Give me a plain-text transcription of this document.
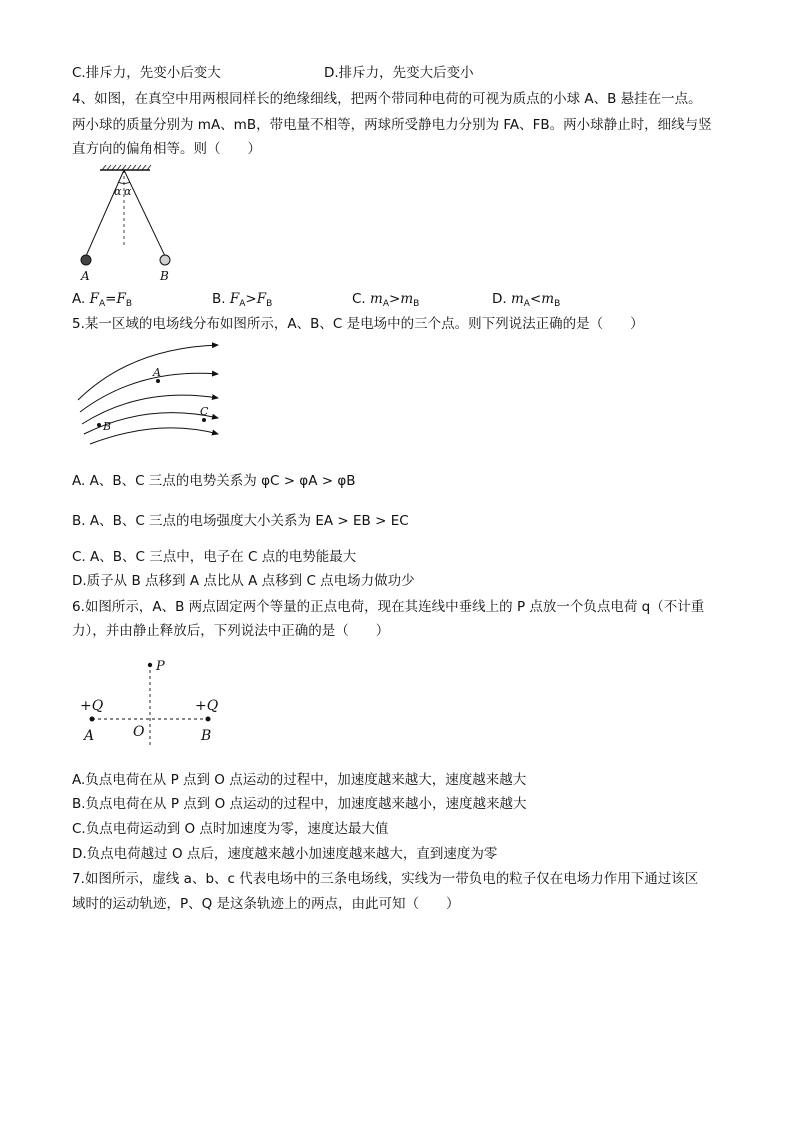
C.排斥力，先变小后变大	D.排斥力，先变大后变小
4、如图，在真空中用两根同样长的绝缘细线，把两个带同种电荷的可视为质点的小球 A、B 悬挂在一点。
两小球的质量分别为 mA、mB，带电量不相等，两球所受静电力分别为 FA、FB。两小球静止时，细线与竖
直方向的偏角相等。则（　　）
α α
A	B
A. $F_A=F_B$	B. $F_A>F_B$	C. $m_A>m_B$	D. $m_A<m_B$
5.某一区域的电场线分布如图所示，A、B、C 是电场中的三个点。则下列说法正确的是（　　）
A
B
C
A. A、B、C 三点的电势关系为 φC > φA > φB
B. A、B、C 三点的电场强度大小关系为 EA > EB > EC
C. A、B、C 三点中，电子在 C 点的电势能最大
D.质子从 B 点移到 A 点比从 A 点移到 C 点电场力做功少
6.如图所示，A、B 两点固定两个等量的正点电荷，现在其连线中垂线上的 P 点放一个负点电荷 q（不计重
力），并由静止释放后，下列说法中正确的是（　　）
P
+Q	+Q
A	O	B
A.负点电荷在从 P 点到 O 点运动的过程中，加速度越来越大，速度越来越大
B.负点电荷在从 P 点到 O 点运动的过程中，加速度越来越小，速度越来越大
C.负点电荷运动到 O 点时加速度为零，速度达最大值
D.负点电荷越过 O 点后，速度越来越小加速度越来越大，直到速度为零
7.如图所示，虚线 a、b、c 代表电场中的三条电场线，实线为一带负电的粒子仅在电场力作用下通过该区
域时的运动轨迹，P、Q 是这条轨迹上的两点，由此可知（　　）
